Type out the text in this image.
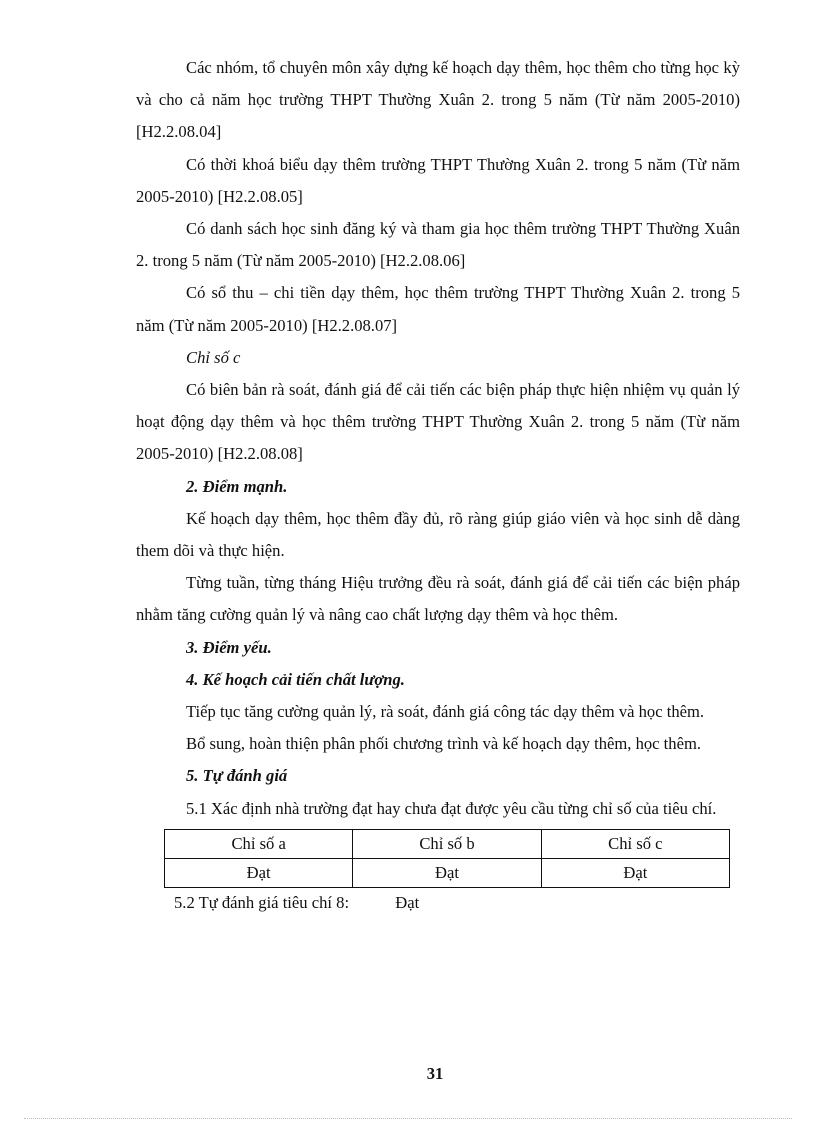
Các nhóm, tổ chuyên môn xây dựng kế hoạch dạy thêm, học thêm cho từng học kỳ và cho cả năm học trường THPT Thường Xuân 2. trong 5 năm (Từ năm 2005-2010) [H2.2.08.04]

Có thời khoá biểu dạy thêm trường THPT Thường Xuân 2. trong 5 năm (Từ năm 2005-2010) [H2.2.08.05]

Có danh sách học sinh đăng ký và tham gia học thêm trường THPT Thường Xuân 2. trong 5 năm (Từ năm 2005-2010) [H2.2.08.06]

Có sổ thu – chi tiền dạy thêm, học thêm trường THPT Thường Xuân 2. trong 5 năm (Từ năm 2005-2010) [H2.2.08.07]

Chỉ số c

Có biên bản rà soát, đánh giá để cải tiến các biện pháp thực hiện nhiệm vụ quản lý hoạt động dạy thêm và học thêm trường THPT Thường Xuân 2. trong 5 năm (Từ năm 2005-2010) [H2.2.08.08]

2. Điểm mạnh.

Kế hoạch dạy thêm, học thêm đầy đủ, rõ ràng giúp giáo viên và học sinh dễ dàng them dõi và thực hiện.

Từng tuần, từng tháng Hiệu trưởng đều rà soát, đánh giá để cải tiến các biện pháp nhằm tăng cường quản lý và nâng cao chất lượng dạy thêm và học thêm.

3. Điểm yếu.

4. Kế hoạch cải tiến chất lượng.

Tiếp tục tăng cường quản lý, rà soát, đánh giá công tác dạy thêm và học thêm.

Bổ sung, hoàn thiện phân phối chương trình và kế hoạch dạy thêm, học thêm.

5. Tự đánh giá

5.1 Xác định nhà trường đạt hay chưa đạt được yêu cầu từng chỉ số của tiêu chí.

Chỉ số a	Chỉ số b	Chỉ số c
Đạt	Đạt	Đạt

5.2 Tự đánh giá tiêu chí 8:	Đạt

31
